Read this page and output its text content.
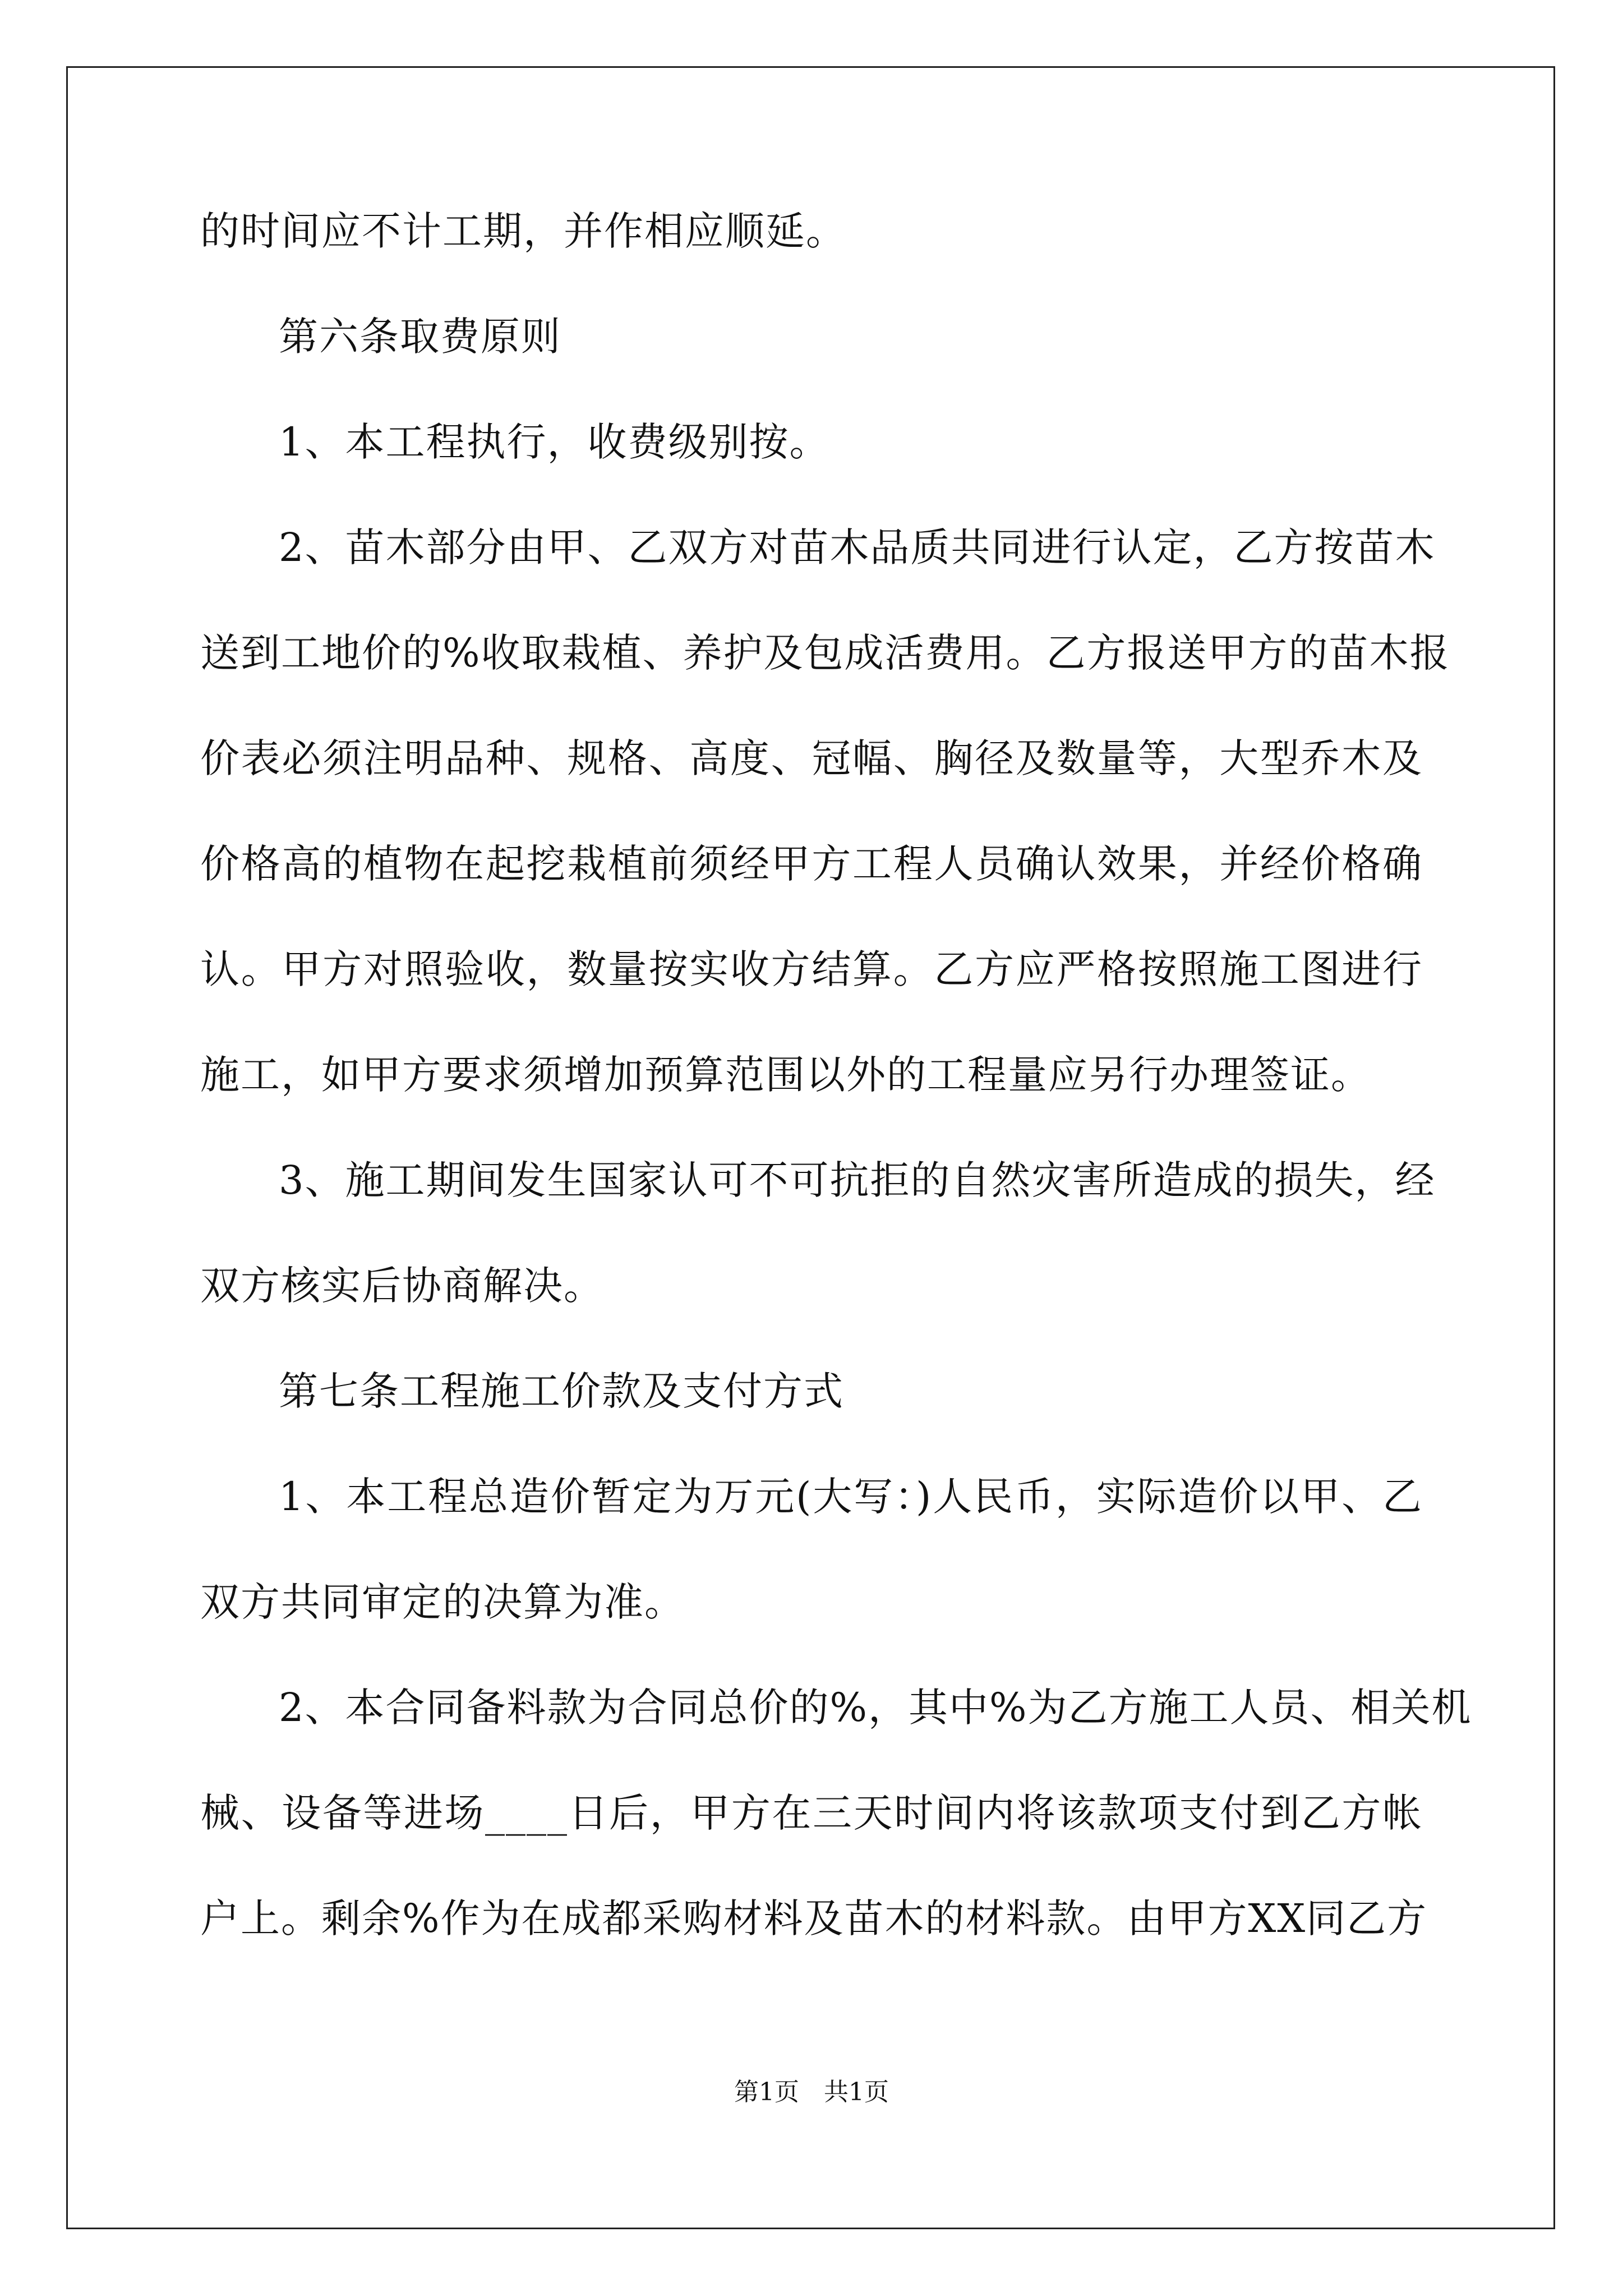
的时间应不计工期，并作相应顺延。
第六条取费原则
1、本工程执行，收费级别按。
2、苗木部分由甲、乙双方对苗木品质共同进行认定，乙方按苗木
送到工地价的%收取栽植、养护及包成活费用。乙方报送甲方的苗木报
价表必须注明品种、规格、高度、冠幅、胸径及数量等，大型乔木及
价格高的植物在起挖栽植前须经甲方工程人员确认效果，并经价格确
认。甲方对照验收，数量按实收方结算。乙方应严格按照施工图进行
施工，如甲方要求须增加预算范围以外的工程量应另行办理签证。
3、施工期间发生国家认可不可抗拒的自然灾害所造成的损失，经
双方核实后协商解决。
第七条工程施工价款及支付方式
1、本工程总造价暂定为万元(大写：)人民币，实际造价以甲、乙
双方共同审定的决算为准。
2、本合同备料款为合同总价的%，其中%为乙方施工人员、相关机
械、设备等进场____日后，甲方在三天时间内将该款项支付到乙方帐
户上。剩余%作为在成都采购材料及苗木的材料款。由甲方XX同乙方
第1页　共1页
